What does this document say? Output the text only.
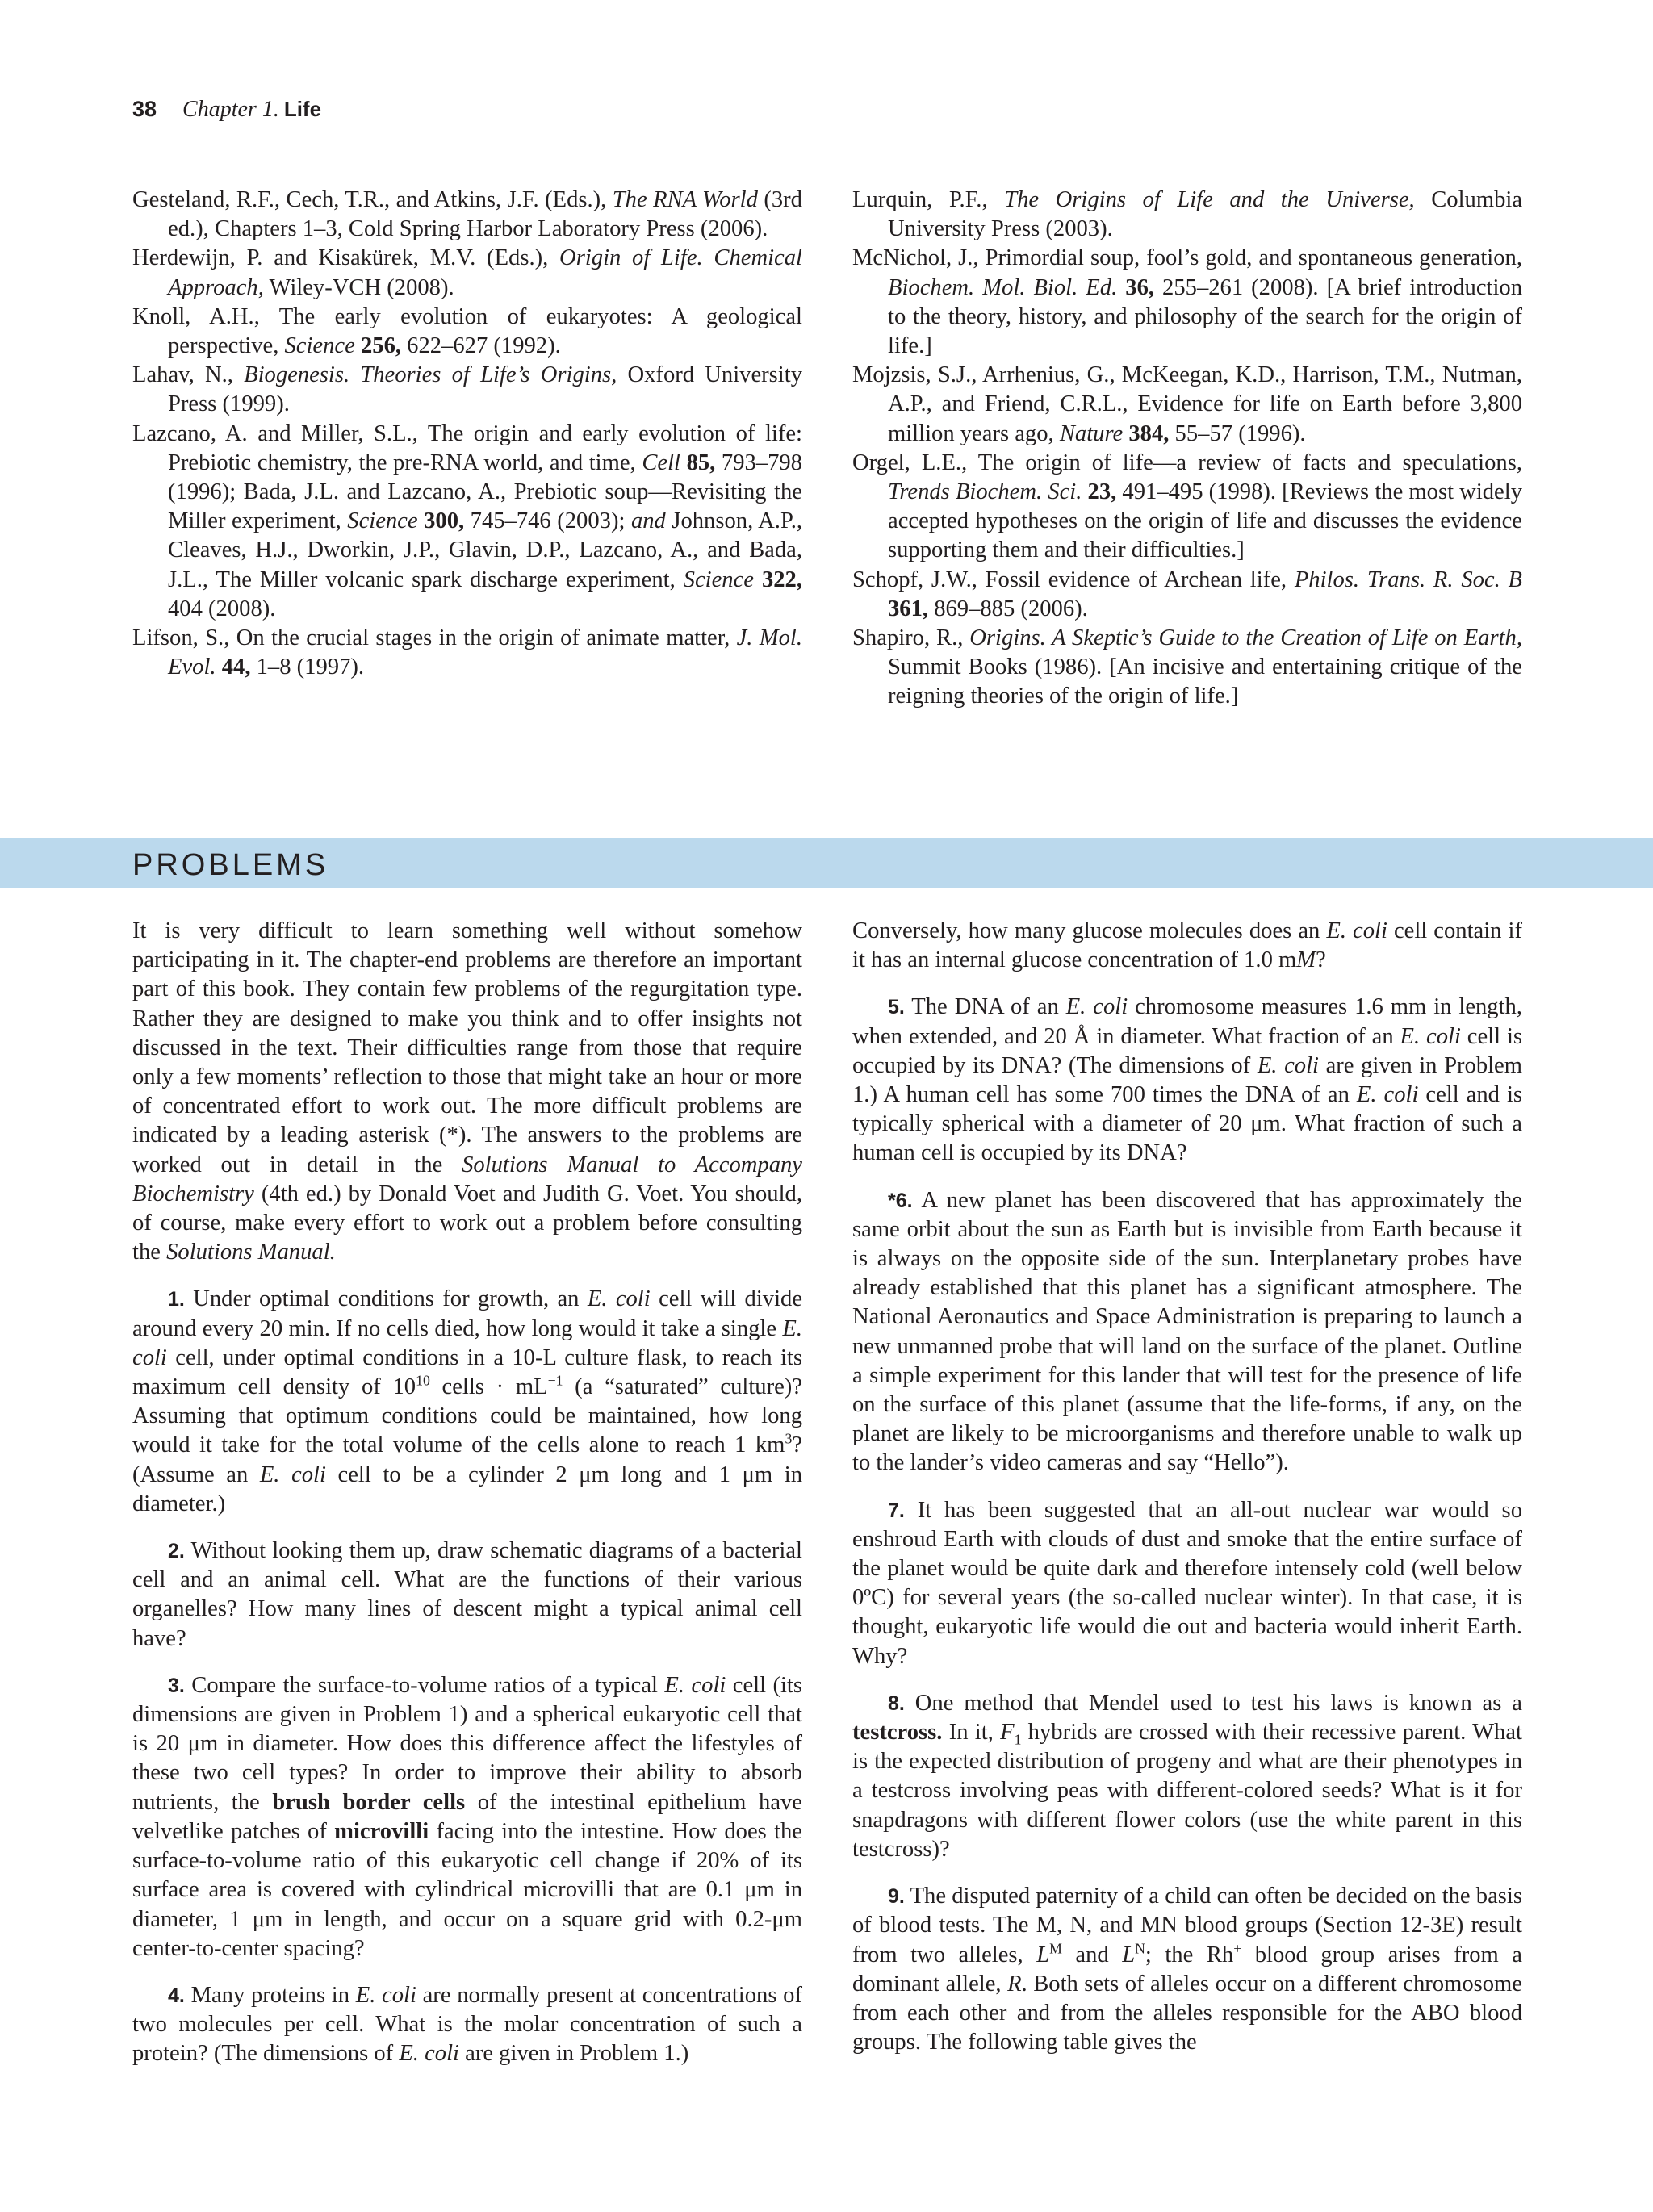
38 Chapter 1. Life

Gesteland, R.F., Cech, T.R., and Atkins, J.F. (Eds.), The RNA World (3rd ed.), Chapters 1–3, Cold Spring Harbor Laboratory Press (2006).

Herdewijn, P. and Kisakürek, M.V. (Eds.), Origin of Life. Chemical Approach, Wiley-VCH (2008).

Knoll, A.H., The early evolution of eukaryotes: A geological perspective, Science 256, 622–627 (1992).

Lahav, N., Biogenesis. Theories of Life’s Origins, Oxford University Press (1999).

Lazcano, A. and Miller, S.L., The origin and early evolution of life: Prebiotic chemistry, the pre-RNA world, and time, Cell 85, 793–798 (1996); Bada, J.L. and Lazcano, A., Prebiotic soup—Revisiting the Miller experiment, Science 300, 745–746 (2003); and Johnson, A.P., Cleaves, H.J., Dworkin, J.P., Glavin, D.P., Lazcano, A., and Bada, J.L., The Miller volcanic spark discharge experiment, Science 322, 404 (2008).

Lifson, S., On the crucial stages in the origin of animate matter, J. Mol. Evol. 44, 1–8 (1997).

Lurquin, P.F., The Origins of Life and the Universe, Columbia University Press (2003).

McNichol, J., Primordial soup, fool’s gold, and spontaneous generation, Biochem. Mol. Biol. Ed. 36, 255–261 (2008). [A brief introduction to the theory, history, and philosophy of the search for the origin of life.]

Mojzsis, S.J., Arrhenius, G., McKeegan, K.D., Harrison, T.M., Nutman, A.P., and Friend, C.R.L., Evidence for life on Earth before 3,800 million years ago, Nature 384, 55–57 (1996).

Orgel, L.E., The origin of life—a review of facts and speculations, Trends Biochem. Sci. 23, 491–495 (1998). [Reviews the most widely accepted hypotheses on the origin of life and discusses the evidence supporting them and their difficulties.]

Schopf, J.W., Fossil evidence of Archean life, Philos. Trans. R. Soc. B 361, 869–885 (2006).

Shapiro, R., Origins. A Skeptic’s Guide to the Creation of Life on Earth, Summit Books (1986). [An incisive and entertaining critique of the reigning theories of the origin of life.]

PROBLEMS

It is very difficult to learn something well without somehow participating in it. The chapter-end problems are therefore an important part of this book. They contain few problems of the regurgitation type. Rather they are designed to make you think and to offer insights not discussed in the text. Their difficulties range from those that require only a few moments’ reflection to those that might take an hour or more of concentrated effort to work out. The more difficult problems are indicated by a leading asterisk (*). The answers to the problems are worked out in detail in the Solutions Manual to Accompany Biochemistry (4th ed.) by Donald Voet and Judith G. Voet. You should, of course, make every effort to work out a problem before consulting the Solutions Manual.

1. Under optimal conditions for growth, an E. coli cell will divide around every 20 min. If no cells died, how long would it take a single E. coli cell, under optimal conditions in a 10-L culture flask, to reach its maximum cell density of $10^{10}$ cells · $mL^{-1}$ (a “saturated” culture)? Assuming that optimum conditions could be maintained, how long would it take for the total volume of the cells alone to reach 1 $km^3$? (Assume an E. coli cell to be a cylinder 2 μm long and 1 μm in diameter.)

2. Without looking them up, draw schematic diagrams of a bacterial cell and an animal cell. What are the functions of their various organelles? How many lines of descent might a typical animal cell have?

3. Compare the surface-to-volume ratios of a typical E. coli cell (its dimensions are given in Problem 1) and a spherical eukaryotic cell that is 20 μm in diameter. How does this difference affect the lifestyles of these two cell types? In order to improve their ability to absorb nutrients, the brush border cells of the intestinal epithelium have velvetlike patches of microvilli facing into the intestine. How does the surface-to-volume ratio of this eukaryotic cell change if 20% of its surface area is covered with cylindrical microvilli that are 0.1 μm in diameter, 1 μm in length, and occur on a square grid with 0.2-μm center-to-center spacing?

4. Many proteins in E. coli are normally present at concentrations of two molecules per cell. What is the molar concentration of such a protein? (The dimensions of E. coli are given in Problem 1.)

Conversely, how many glucose molecules does an E. coli cell contain if it has an internal glucose concentration of 1.0 mM?

5. The DNA of an E. coli chromosome measures 1.6 mm in length, when extended, and 20 Å in diameter. What fraction of an E. coli cell is occupied by its DNA? (The dimensions of E. coli are given in Problem 1.) A human cell has some 700 times the DNA of an E. coli cell and is typically spherical with a diameter of 20 μm. What fraction of such a human cell is occupied by its DNA?

*6. A new planet has been discovered that has approximately the same orbit about the sun as Earth but is invisible from Earth because it is always on the opposite side of the sun. Interplanetary probes have already established that this planet has a significant atmosphere. The National Aeronautics and Space Administration is preparing to launch a new unmanned probe that will land on the surface of the planet. Outline a simple experiment for this lander that will test for the presence of life on the surface of this planet (assume that the life-forms, if any, on the planet are likely to be microorganisms and therefore unable to walk up to the lander’s video cameras and say “Hello”).

7. It has been suggested that an all-out nuclear war would so enshroud Earth with clouds of dust and smoke that the entire surface of the planet would be quite dark and therefore intensely cold (well below 0ºC) for several years (the so-called nuclear winter). In that case, it is thought, eukaryotic life would die out and bacteria would inherit Earth. Why?

8. One method that Mendel used to test his laws is known as a testcross. In it, $F_1$ hybrids are crossed with their recessive parent. What is the expected distribution of progeny and what are their phenotypes in a testcross involving peas with different-colored seeds? What is it for snapdragons with different flower colors (use the white parent in this testcross)?

9. The disputed paternity of a child can often be decided on the basis of blood tests. The M, N, and MN blood groups (Section 12-3E) result from two alleles, $L^M$ and $L^N$; the Rh+ blood group arises from a dominant allele, R. Both sets of alleles occur on a different chromosome from each other and from the alleles responsible for the ABO blood groups. The following table gives the
